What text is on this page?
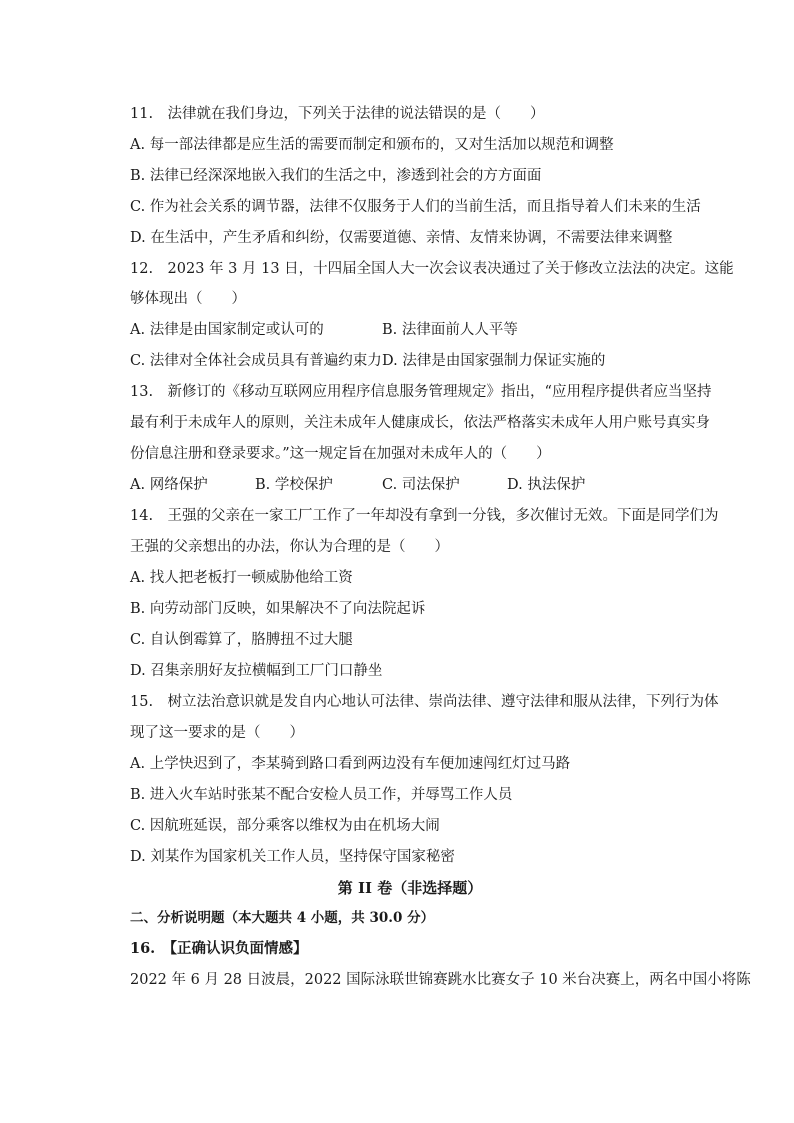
11.　法律就在我们身边，下列关于法律的说法错误的是（　　）
A. 每一部法律都是应生活的需要而制定和颁布的，又对生活加以规范和调整
B. 法律已经深深地嵌入我们的生活之中，渗透到社会的方方面面
C. 作为社会关系的调节器，法律不仅服务于人们的当前生活，而且指导着人们未来的生活
D. 在生活中，产生矛盾和纠纷，仅需要道德、亲情、友情来协调，不需要法律来调整
12.　2023 年 3 月 13 日，十四届全国人大一次会议表决通过了关于修改立法法的决定。这能
够体现出（　　）
A. 法律是由国家制定或认可的	B. 法律面前人人平等
C. 法律对全体社会成员具有普遍约束力 D. 法律是由国家强制力保证实施的
13.　新修订的《移动互联网应用程序信息服务管理规定》指出，“应用程序提供者应当坚持
最有利于未成年人的原则，关注未成年人健康成长，依法严格落实未成年人用户账号真实身
份信息注册和登录要求。”这一规定旨在加强对未成年人的（　　）
A. 网络保护	B. 学校保护	C. 司法保护	D. 执法保护
14.　王强的父亲在一家工厂工作了一年却没有拿到一分钱，多次催讨无效。下面是同学们为
王强的父亲想出的办法，你认为合理的是（　　）
A. 找人把老板打一顿威胁他给工资
B. 向劳动部门反映，如果解决不了向法院起诉
C. 自认倒霉算了，胳膊扭不过大腿
D. 召集亲朋好友拉横幅到工厂门口静坐
15.　树立法治意识就是发自内心地认可法律、崇尚法律、遵守法律和服从法律，下列行为体
现了这一要求的是（　　）
A. 上学快迟到了，李某骑到路口看到两边没有车便加速闯红灯过马路
B. 进入火车站时张某不配合安检人员工作，并辱骂工作人员
C. 因航班延误，部分乘客以维权为由在机场大闹
D. 刘某作为国家机关工作人员，坚持保守国家秘密
第 II 卷（非选择题）
二、分析说明题（本大题共 4 小题，共 30.0 分）
16.　【正确认识负面情感】
2022 年 6 月 28 日波晨，2022 国际泳联世锦赛跳水比赛女子 10 米台决赛上，两名中国小将陈
